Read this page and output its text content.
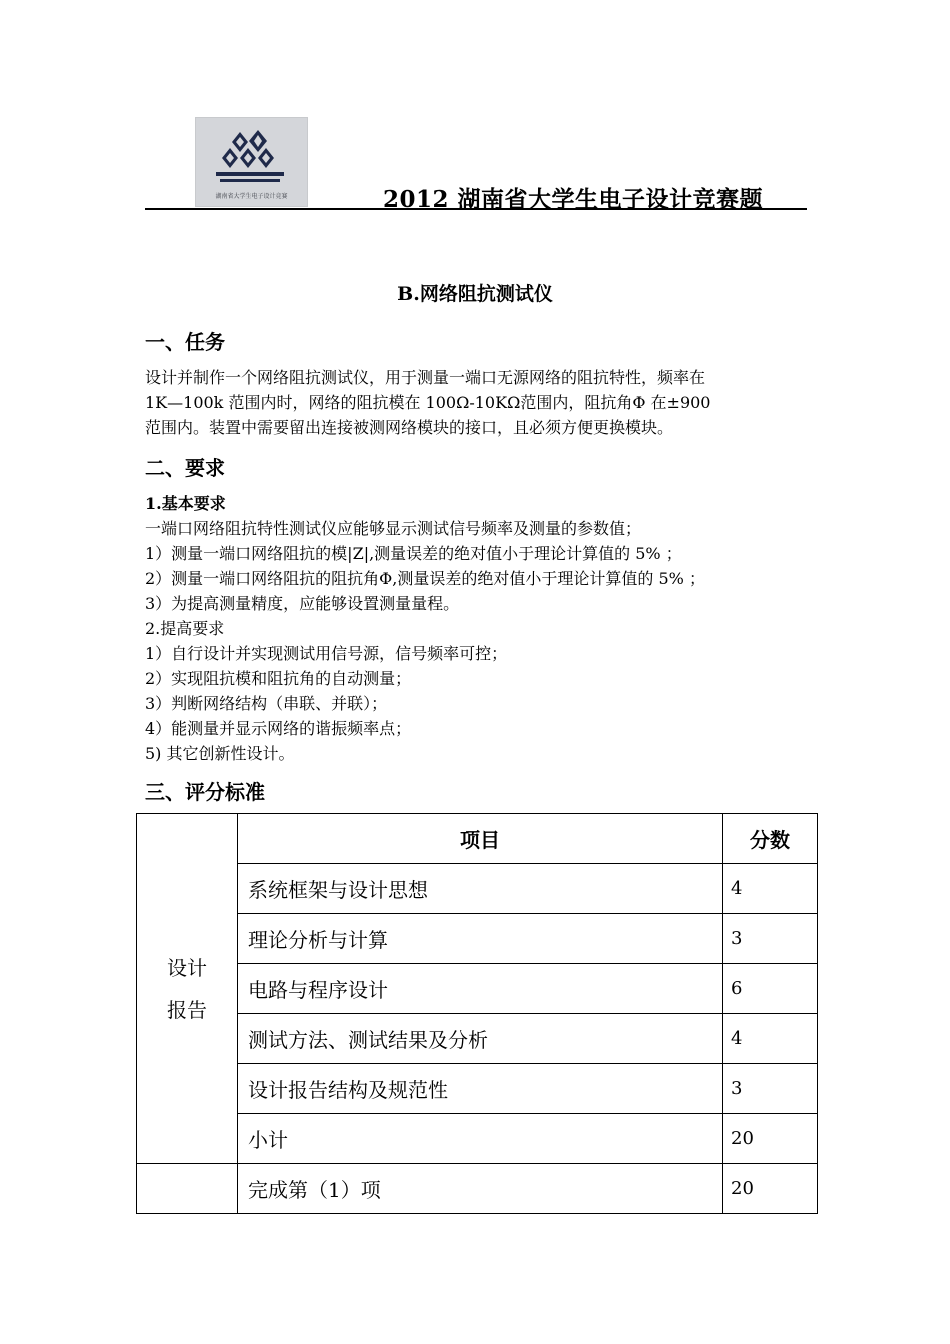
湖南省大学生电子设计竞赛	2012 湖南省大学生电子设计竞赛题
B.网络阻抗测试仪
一、任务
设计并制作一个网络阻抗测试仪，用于测量一端口无源网络的阻抗特性，频率在
1K—100k 范围内时，网络的阻抗模在 100Ω-10KΩ范围内，阻抗角Φ 在±900
范围内。装置中需要留出连接被测网络模块的接口，且必须方便更换模块。
二、要求
1.基本要求
一端口网络阻抗特性测试仪应能够显示测试信号频率及测量的参数值；
1）测量一端口网络阻抗的模|Z|,测量误差的绝对值小于理论计算值的 5% ；
2）测量一端口网络阻抗的阻抗角Φ,测量误差的绝对值小于理论计算值的 5% ；
3）为提高测量精度，应能够设置测量量程。
2.提高要求
1）自行设计并实现测试用信号源，信号频率可控；
2）实现阻抗模和阻抗角的自动测量；
3）判断网络结构（串联、并联）；
4）能测量并显示网络的谐振频率点；
5) 其它创新性设计。
三、评分标准
设计
报告	项目	分数
	系统框架与设计思想	4
	理论分析与计算	3
	电路与程序设计	6
	测试方法、测试结果及分析	4
	设计报告结构及规范性	3
	小计	20
	完成第（1）项	20
